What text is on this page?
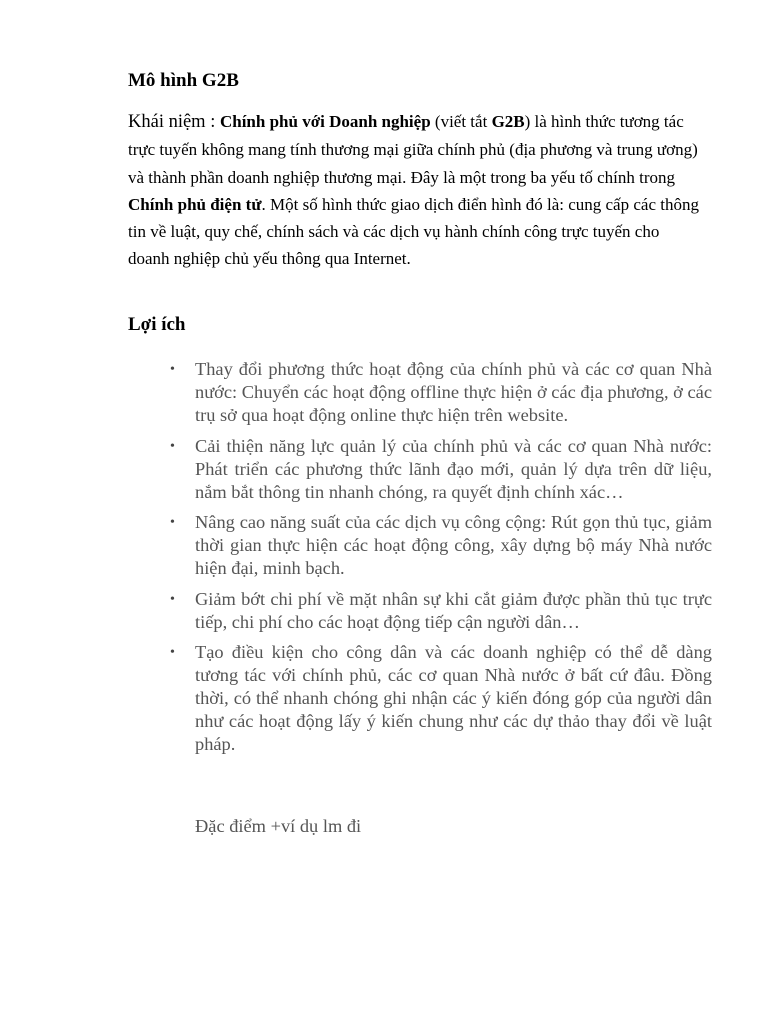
Mô hình G2B

Khái niệm : Chính phủ với Doanh nghiệp (viết tắt G2B) là hình thức tương tác trực tuyến không mang tính thương mại giữa chính phủ (địa phương và trung ương) và thành phần doanh nghiệp thương mại. Đây là một trong ba yếu tố chính trong Chính phủ điện tử. Một số hình thức giao dịch điển hình đó là: cung cấp các thông tin về luật, quy chế, chính sách và các dịch vụ hành chính công trực tuyến cho doanh nghiệp chủ yếu thông qua Internet.

Lợi ích
• Thay đổi phương thức hoạt động của chính phủ và các cơ quan Nhà nước: Chuyển các hoạt động offline thực hiện ở các địa phương, ở các trụ sở qua hoạt động online thực hiện trên website.
• Cải thiện năng lực quản lý của chính phủ và các cơ quan Nhà nước: Phát triển các phương thức lãnh đạo mới, quản lý dựa trên dữ liệu, nắm bắt thông tin nhanh chóng, ra quyết định chính xác…
• Nâng cao năng suất của các dịch vụ công cộng: Rút gọn thủ tục, giảm thời gian thực hiện các hoạt động công, xây dựng bộ máy Nhà nước hiện đại, minh bạch.
• Giảm bớt chi phí về mặt nhân sự khi cắt giảm được phần thủ tục trực tiếp, chi phí cho các hoạt động tiếp cận người dân…
• Tạo điều kiện cho công dân và các doanh nghiệp có thể dễ dàng tương tác với chính phủ, các cơ quan Nhà nước ở bất cứ đâu. Đồng thời, có thể nhanh chóng ghi nhận các ý kiến đóng góp của người dân như các hoạt động lấy ý kiến chung như các dự thảo thay đổi về luật pháp.
Đặc điểm +ví dụ lm đi
